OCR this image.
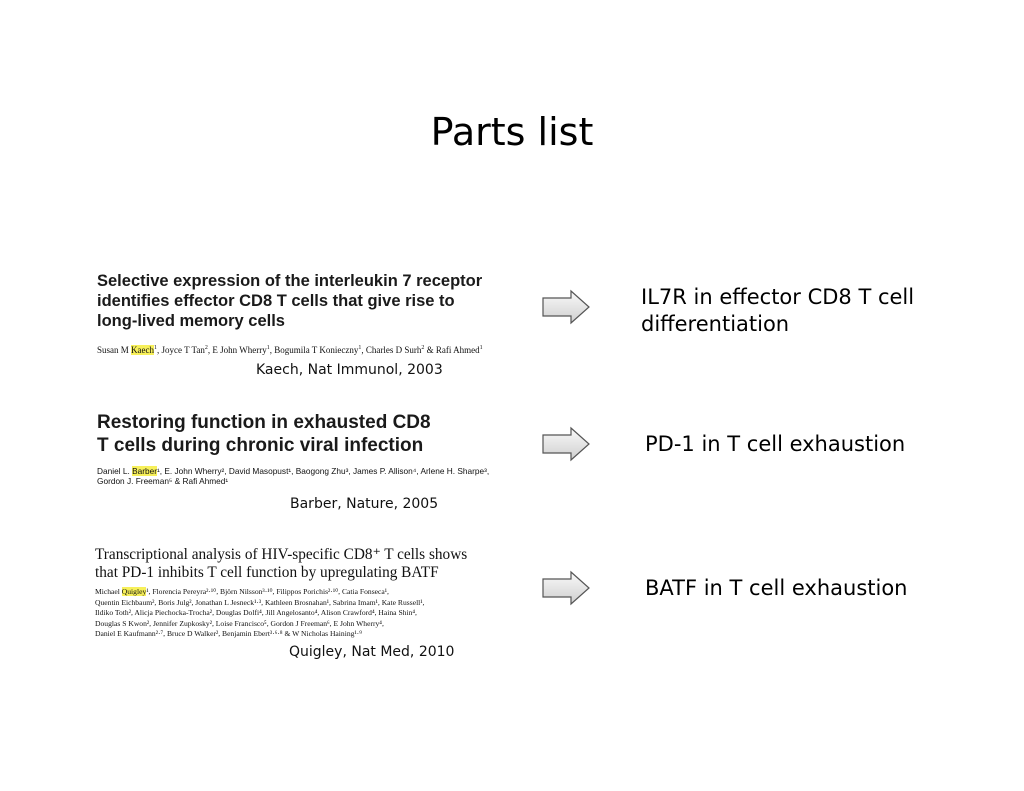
Parts list
Selective expression of the interleukin 7 receptor
identifies effector CD8 T cells that give rise to
long-lived memory cells
Susan M Kaech$^1$, Joyce T Tan$^2$, E John Wherry$^1$, Bogumila T Konieczny$^1$, Charles D Surh$^2$ & Rafi Ahmed$^1$
Kaech, Nat Immunol, 2003
IL7R in effector CD8 T cell differentiation
Restoring function in exhausted CD8
T cells during chronic viral infection
Daniel L. Barber¹, E. John Wherry², David Masopust¹, Baogong Zhu³, James P. Allison⁴, Arlene H. Sharpe³,
Gordon J. Freeman⁵ & Rafi Ahmed¹
Barber, Nature, 2005
PD-1 in T cell exhaustion
Transcriptional analysis of HIV-specific CD8⁺ T cells shows
that PD-1 inhibits T cell function by upregulating BATF
Michael Quigley¹, Florencia Pereyra²·¹⁰, Björn Nilsson³·¹⁰, Filippos Porichis²·¹⁰, Catia Fonseca¹,
Quentin Eichbaum², Boris Julg², Jonathan L Jesneck¹·³, Kathleen Brosnahan¹, Sabrina Imam¹, Kate Russell¹,
Ildiko Toth², Alicja Piechocka-Trocha², Douglas Dolfi⁴, Jill Angelosanto⁴, Alison Crawford⁴, Haina Shin⁴,
Douglas S Kwon², Jennifer Zupkosky², Loise Francisco⁵, Gordon J Freeman⁶, E John Wherry⁴,
Daniel E Kaufmann²·⁷, Bruce D Walker², Benjamin Ebert³·⁶·⁸ & W Nicholas Haining¹·⁹
Quigley, Nat Med, 2010
BATF in T cell exhaustion
